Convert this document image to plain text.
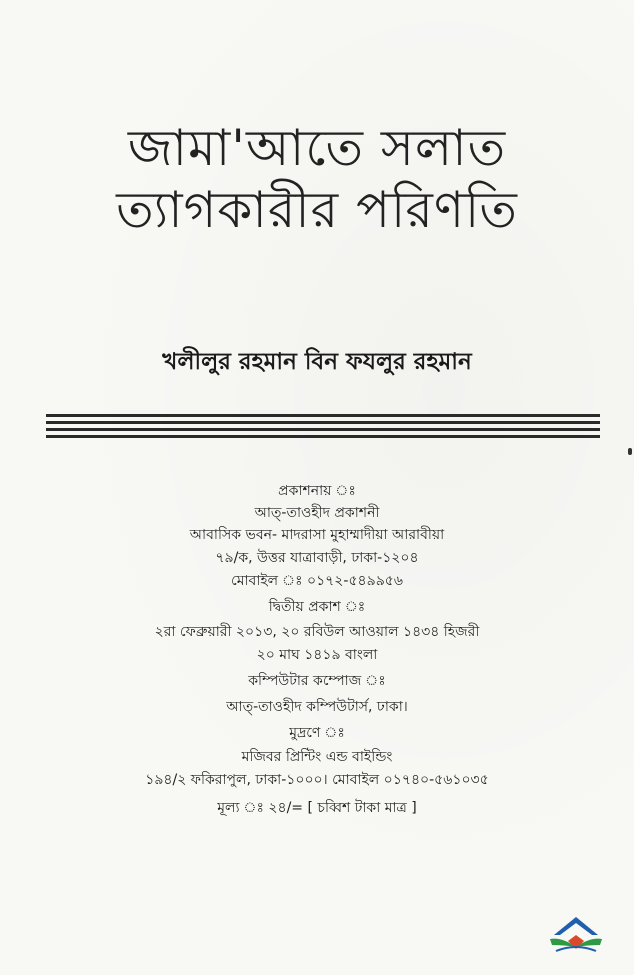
জামা'আতে সলাত
ত্যাগকারীর পরিণতি
খলীলুর রহমান বিন ফযলুর রহমান
প্রকাশনায় ঃ
আত্-তাওহীদ প্রকাশনী
আবাসিক ভবন- মাদরাসা মুহাম্মাদীয়া আরাবীয়া
৭৯/ক, উত্তর যাত্রাবাড়ী, ঢাকা-১২০৪
মোবাইল ঃ ০১৭২-৫৪৯৯৫৬
দ্বিতীয় প্রকাশ ঃ
২রা ফেব্রুয়ারী ২০১৩, ২০ রবিউল আওয়াল ১৪৩৪ হিজরী
২০ মাঘ ১৪১৯ বাংলা
কম্পিউটার কম্পোজ ঃ
আত্-তাওহীদ কম্পিউটার্স, ঢাকা।
মুদ্রণে ঃ
মজিবর প্রিন্টিং এন্ড বাইন্ডিং
১৯৪/২ ফকিরাপুল, ঢাকা-১০০০। মোবাইল ০১৭৪০-৫৬১০৩৫
মূল্য ঃ ২৪/= [ চব্বিশ টাকা মাত্র ]
